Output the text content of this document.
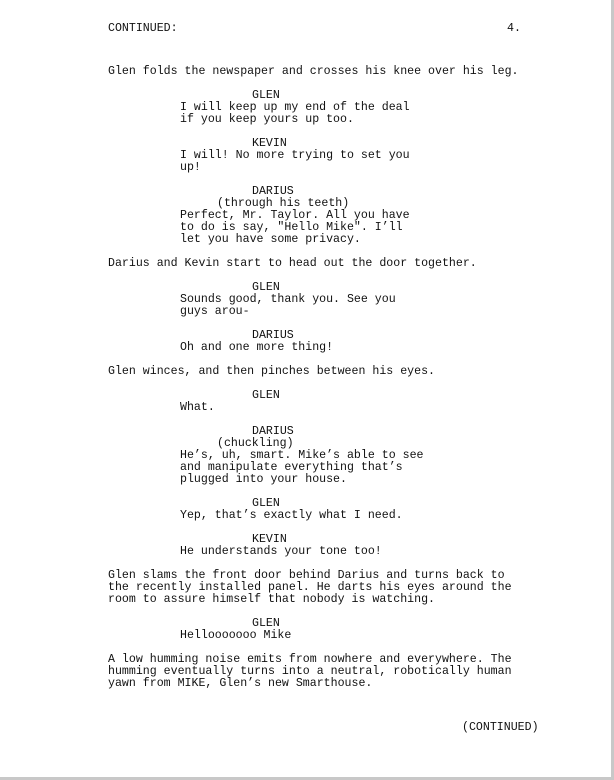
CONTINUED:	4.
Glen folds the newspaper and crosses his knee over his leg.
GLEN
I will keep up my end of the deal
if you keep yours up too.
KEVIN
I will! No more trying to set you
up!
DARIUS
(through his teeth)
Perfect, Mr. Taylor. All you have
to do is say, "Hello Mike". I’ll
let you have some privacy.
Darius and Kevin start to head out the door together.
GLEN
Sounds good, thank you. See you
guys arou-
DARIUS
Oh and one more thing!
Glen winces, and then pinches between his eyes.
GLEN
What.
DARIUS
(chuckling)
He’s, uh, smart. Mike’s able to see
and manipulate everything that’s
plugged into your house.
GLEN
Yep, that’s exactly what I need.
KEVIN
He understands your tone too!
Glen slams the front door behind Darius and turns back to
the recently installed panel. He darts his eyes around the
room to assure himself that nobody is watching.
GLEN
Hellooooooo Mike
A low humming noise emits from nowhere and everywhere. The
humming eventually turns into a neutral, robotically human
yawn from MIKE, Glen’s new Smarthouse.
(CONTINUED)
